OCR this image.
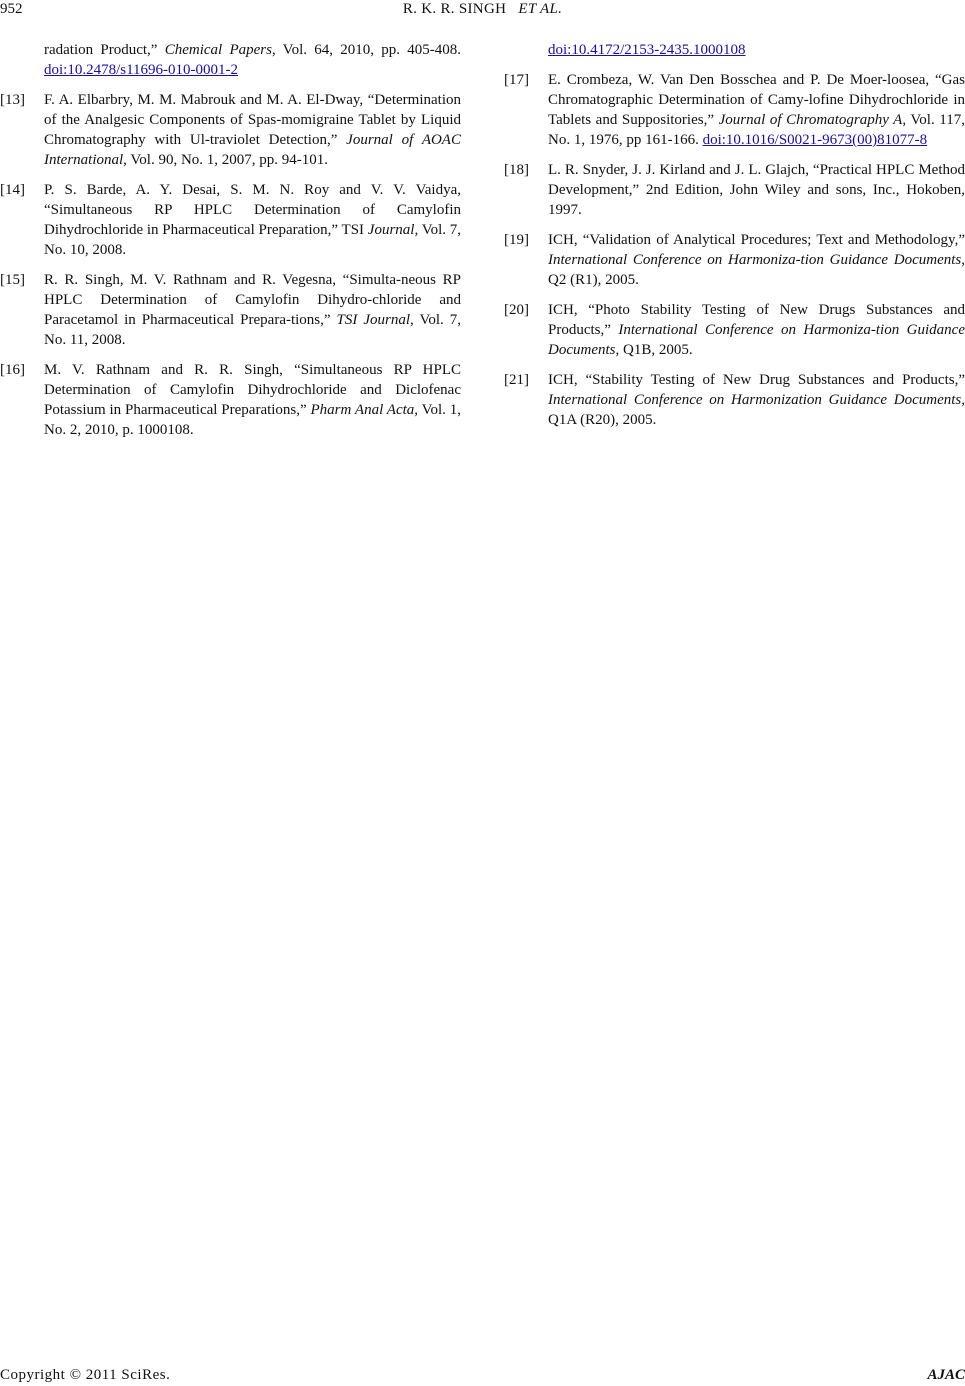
952	R. K. R. SINGH ET AL.
radation Product,” Chemical Papers, Vol. 64, 2010, pp. 405-408. doi:10.2478/s11696-010-0001-2
[13] F. A. Elbarbry, M. M. Mabrouk and M. A. El-Dway, “Determination of the Analgesic Components of Spas-momigraine Tablet by Liquid Chromatography with Ul-traviolet Detection,” Journal of AOAC International, Vol. 90, No. 1, 2007, pp. 94-101.
[14] P. S. Barde, A. Y. Desai, S. M. N. Roy and V. V. Vaidya, “Simultaneous RP HPLC Determination of Camylofin Dihydrochloride in Pharmaceutical Preparation,” TSI Journal, Vol. 7, No. 10, 2008.
[15] R. R. Singh, M. V. Rathnam and R. Vegesna, “Simulta-neous RP HPLC Determination of Camylofin Dihydro-chloride and Paracetamol in Pharmaceutical Prepara-tions,” TSI Journal, Vol. 7, No. 11, 2008.
[16] M. V. Rathnam and R. R. Singh, “Simultaneous RP HPLC Determination of Camylofin Dihydrochloride and Diclofenac Potassium in Pharmaceutical Preparations,” Pharm Anal Acta, Vol. 1, No. 2, 2010, p. 1000108.
doi:10.4172/2153-2435.1000108
[17] E. Crombeza, W. Van Den Bosschea and P. De Moer-loosea, “Gas Chromatographic Determination of Camy-lofine Dihydrochloride in Tablets and Suppositories,” Journal of Chromatography A, Vol. 117, No. 1, 1976, pp 161-166. doi:10.1016/S0021-9673(00)81077-8
[18] L. R. Snyder, J. J. Kirland and J. L. Glajch, “Practical HPLC Method Development,” 2nd Edition, John Wiley and sons, Inc., Hokoben, 1997.
[19] ICH, “Validation of Analytical Procedures; Text and Methodology,” International Conference on Harmoniza-tion Guidance Documents, Q2 (R1), 2005.
[20] ICH, “Photo Stability Testing of New Drugs Substances and Products,” International Conference on Harmoniza-tion Guidance Documents, Q1B, 2005.
[21] ICH, “Stability Testing of New Drug Substances and Products,” International Conference on Harmonization Guidance Documents, Q1A (R20), 2005.
Copyright © 2011 SciRes.	AJAC
